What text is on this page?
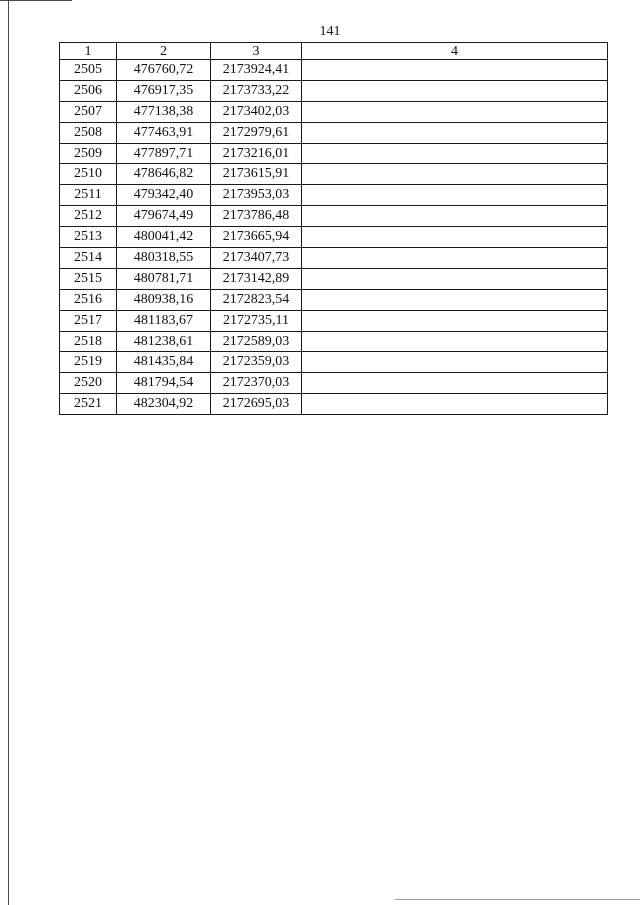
141
1	2	3	4
2505	476760,72	2173924,41	
2506	476917,35	2173733,22	
2507	477138,38	2173402,03	
2508	477463,91	2172979,61	
2509	477897,71	2173216,01	
2510	478646,82	2173615,91	
2511	479342,40	2173953,03	
2512	479674,49	2173786,48	
2513	480041,42	2173665,94	
2514	480318,55	2173407,73	
2515	480781,71	2173142,89	
2516	480938,16	2172823,54	
2517	481183,67	2172735,11	
2518	481238,61	2172589,03	
2519	481435,84	2172359,03	
2520	481794,54	2172370,03	
2521	482304,92	2172695,03	
